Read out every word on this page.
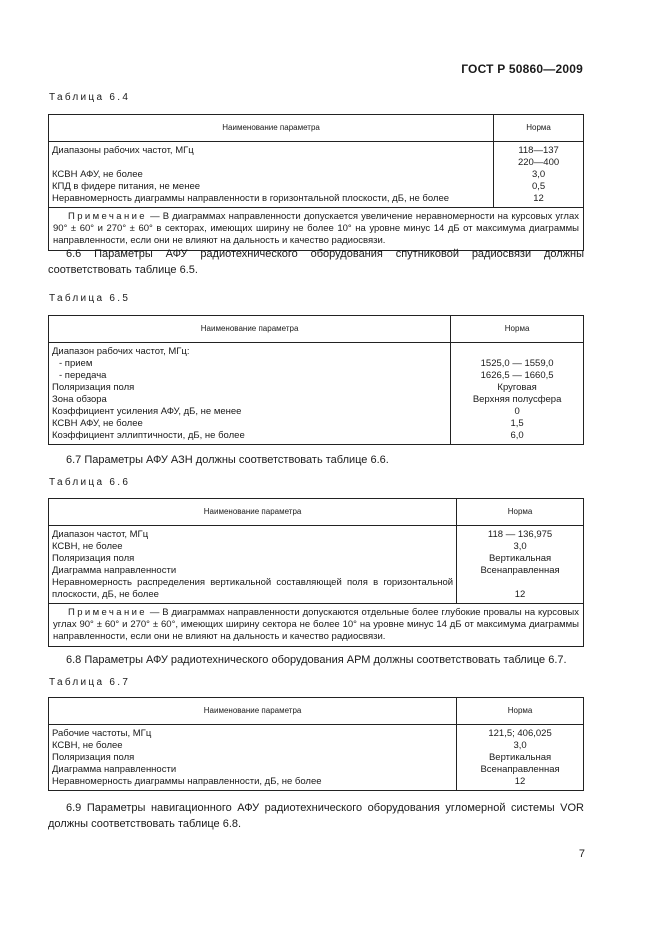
ГОСТ Р 50860—2009
Таблица 6.4
Наименование параметра	Норма
Диапазоны рабочих частот, МГц	118—137
	220—400
КСВН АФУ, не более	3,0
КПД в фидере питания, не менее	0,5
Неравномерность диаграммы направленности в горизонтальной плоскости, дБ, не более	12

Примечание — В диаграммах направленности допускается увеличение неравномерности на курсовых углах 90° ± 60° и 270° ± 60° в секторах, имеющих ширину не более 10° на уровне минус 14 дБ от максимума диаграммы направленности, если они не влияют на дальность и качество радиосвязи.	

6.6 Параметры АФУ радиотехнического оборудования спутниковой радиосвязи должны соответствовать таблице 6.5.

Таблица 6.5
Наименование параметра	Норма
Диапазон рабочих частот, МГц:	
- прием	1525,0 — 1559,0
- передача	1626,5 — 1660,5
Поляризация поля	Круговая
Зона обзора	Верхняя полусфера
Коэффициент усиления АФУ, дБ, не менее	0
КСВН АФУ, не более	1,5
Коэффициент эллиптичности, дБ, не более	6,0

6.7 Параметры АФУ АЗН должны соответствовать таблице 6.6.

Таблица 6.6
Наименование параметра	Норма
Диапазон частот, МГц	118 — 136,975
КСВН, не более	3,0
Поляризация поля	Вертикальная
Диаграмма направленности	Всенаправленная
Неравномерность распределения вертикальной составляющей поля в горизонтальной плоскости, дБ, не более	12

Примечание — В диаграммах направленности допускаются отдельные более глубокие провалы на курсовых углах 90° ± 60° и 270° ± 60°, имеющих ширину сектора не более 10° на уровне минус 14 дБ от максимума диаграммы направленности, если они не влияют на дальность и качество радиосвязи.	

6.8 Параметры АФУ радиотехнического оборудования АРМ должны соответствовать таблице 6.7.

Таблица 6.7
Наименование параметра	Норма
Рабочие частоты, МГц	121,5; 406,025
КСВН, не более	3,0
Поляризация поля	Вертикальная
Диаграмма направленности	Всенаправленная
Неравномерность диаграммы направленности, дБ, не более	12

6.9 Параметры навигационного АФУ радиотехнического оборудования угломерной системы VOR должны соответствовать таблице 6.8.

7
